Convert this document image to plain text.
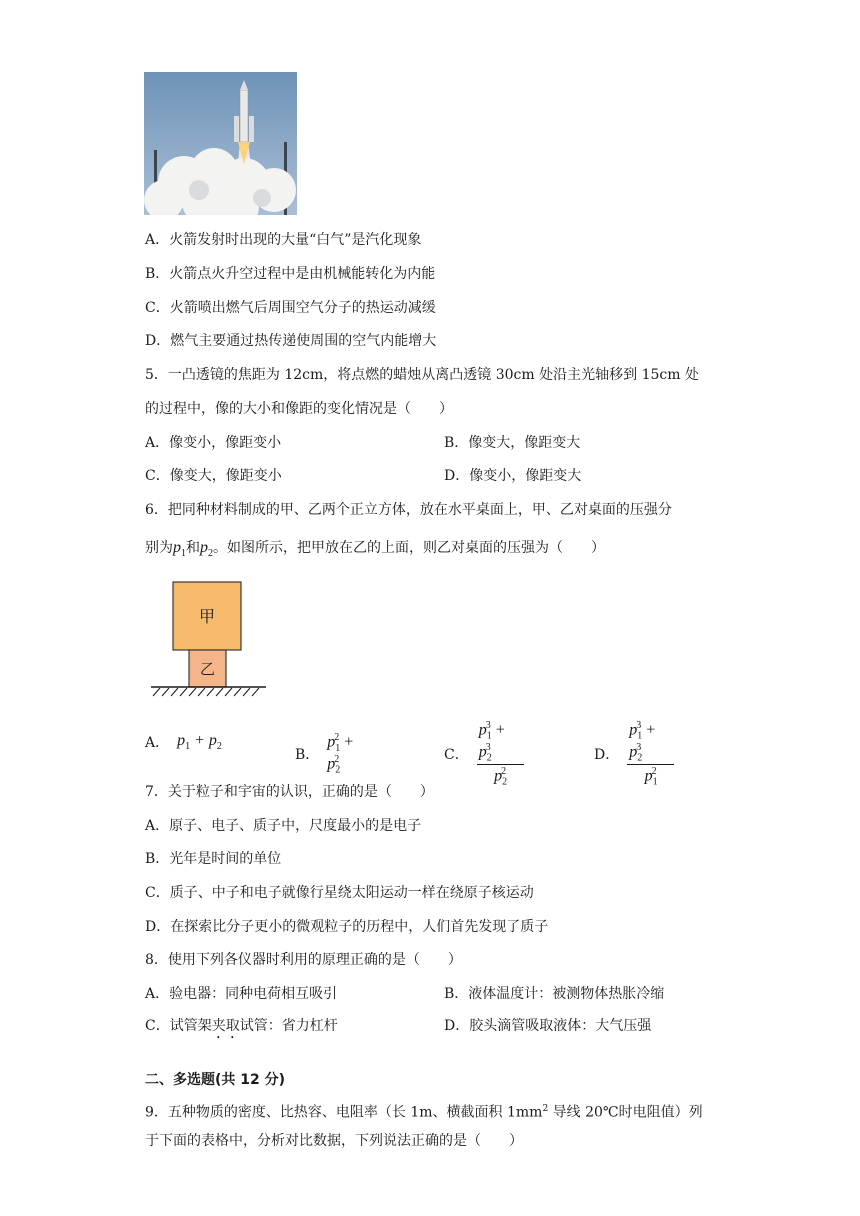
A．火箭发射时出现的大量“白气”是汽化现象
B．火箭点火升空过程中是由机械能转化为内能
C．火箭喷出燃气后周围空气分子的热运动减缓
D．燃气主要通过热传递使周围的空气内能增大
5．一凸透镜的焦距为 12cm，将点燃的蜡烛从离凸透镜 30cm 处沿主光轴移到 15cm 处
的过程中，像的大小和像距的变化情况是（　　）
A．像变小，像距变小	B．像变大，像距变大
C．像变大，像距变小	D．像变小，像距变大
6．把同种材料制成的甲、乙两个正立方体，放在水平桌面上，甲、乙对桌面的压强分
别为$p_1$和$p_2$。如图所示，把甲放在乙的上面，则乙对桌面的压强为（　　）
甲
乙
A． $p_1 + p_2$	B．
$p_1^2 + p_2^2$	C． $\frac{p_1^3 + p_2^3}{p_2^2}$	D． $\frac{p_1^3 + p_2^3}{p_1^2}$
7．关于粒子和宇宙的认识，正确的是（　　）
A．原子、电子、质子中，尺度最小的是电子
B．光年是时间的单位
C．质子、中子和电子就像行星绕太阳运动一样在绕原子核运动
D．在探索比分子更小的微观粒子的历程中，人们首先发现了质子
8．使用下列各仪器时利用的原理正确的是（　　）
A．验电器：同种电荷相互吸引	B．液体温度计：被测物体热胀冷缩
C．试管架夹取试管：省力杠杆	D．胶头滴管吸取液体：大气压强
二、多选题(共 12 分)
9．五种物质的密度、比热容、电阻率（长 1m、横截面积 $1mm^2$ 导线 20℃时电阻值）列
于下面的表格中，分析对比数据，下列说法正确的是（　　）
